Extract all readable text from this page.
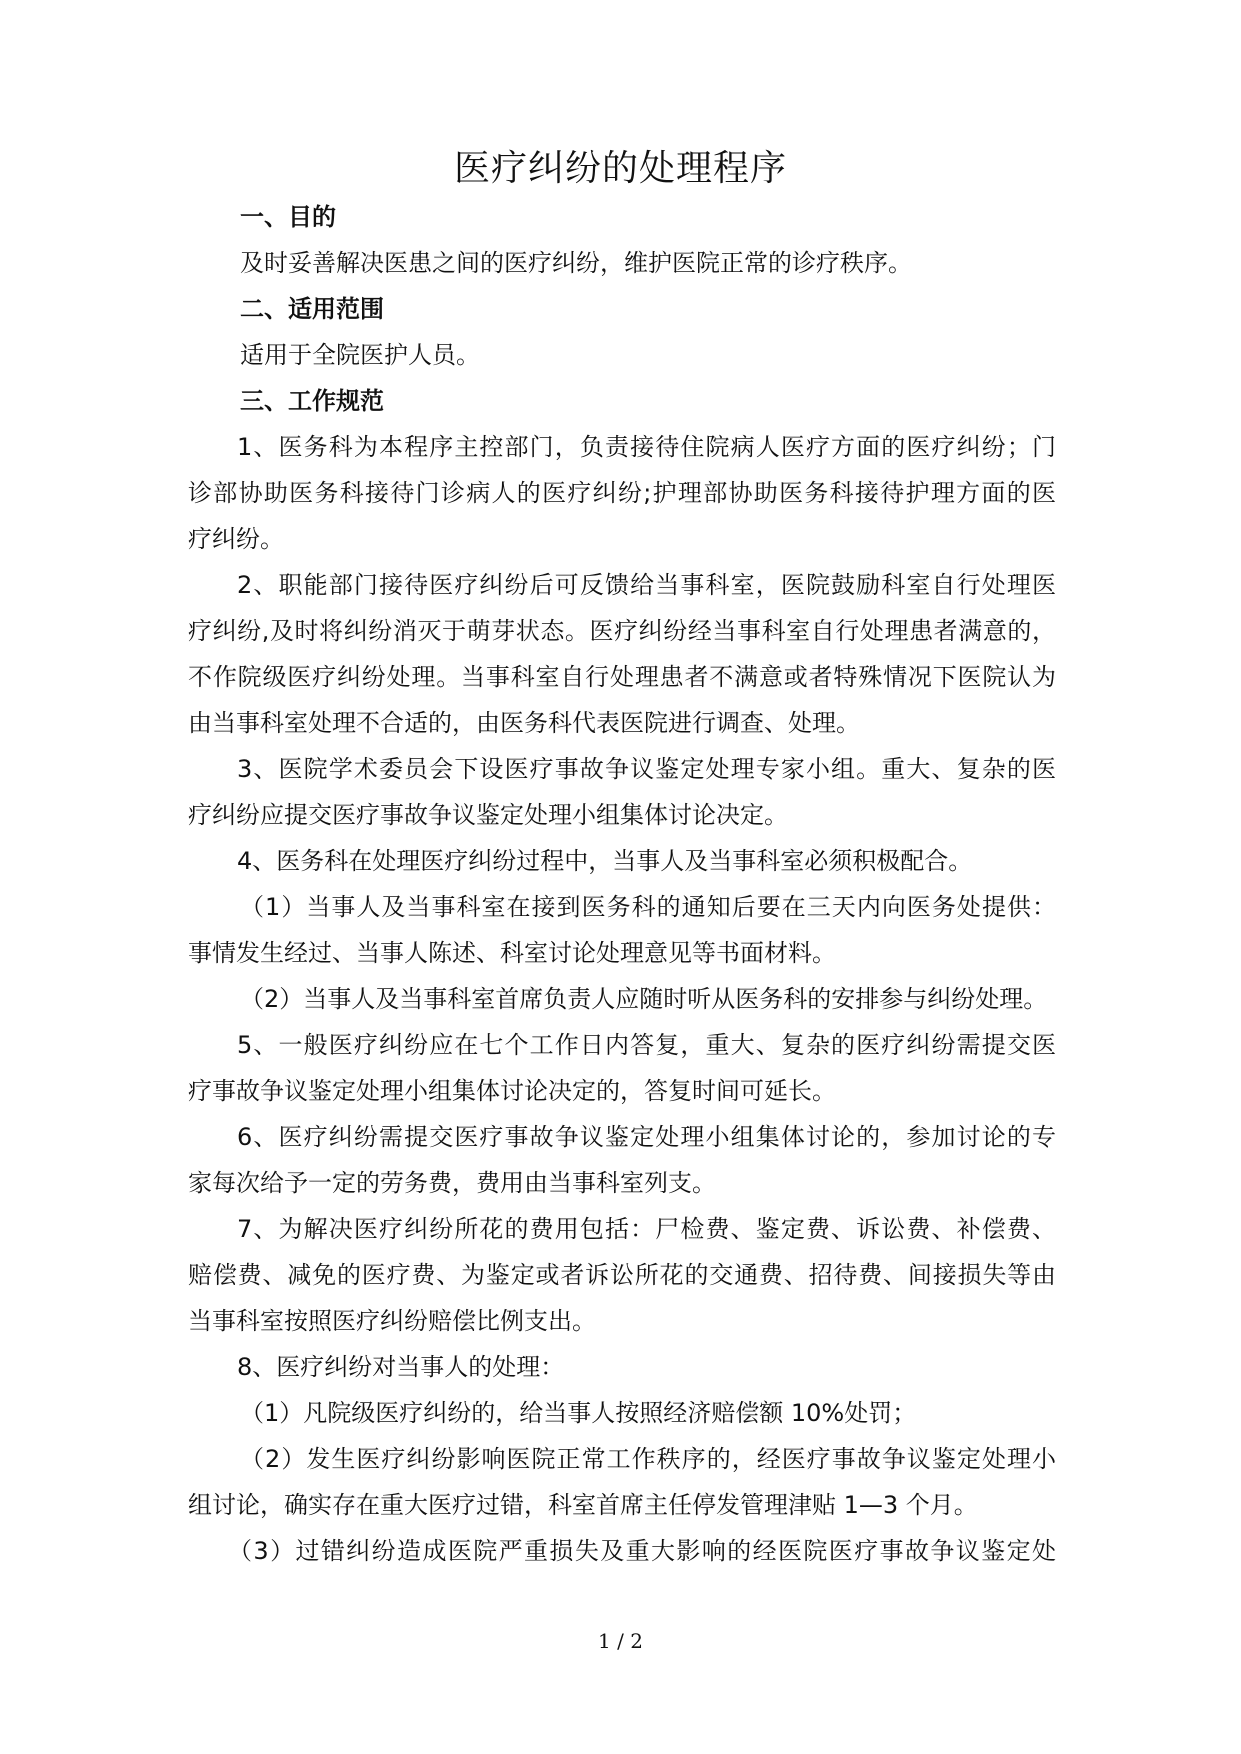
医疗纠纷的处理程序
一、目的
及时妥善解决医患之间的医疗纠纷，维护医院正常的诊疗秩序。
二、适用范围
适用于全院医护人员。
三、工作规范
1、医务科为本程序主控部门，负责接待住院病人医疗方面的医疗纠纷；门
诊部协助医务科接待门诊病人的医疗纠纷;护理部协助医务科接待护理方面的医
疗纠纷。
2、职能部门接待医疗纠纷后可反馈给当事科室，医院鼓励科室自行处理医
疗纠纷,及时将纠纷消灭于萌芽状态。医疗纠纷经当事科室自行处理患者满意的，
不作院级医疗纠纷处理。当事科室自行处理患者不满意或者特殊情况下医院认为
由当事科室处理不合适的，由医务科代表医院进行调查、处理。
3、医院学术委员会下设医疗事故争议鉴定处理专家小组。重大、复杂的医
疗纠纷应提交医疗事故争议鉴定处理小组集体讨论决定。
4、医务科在处理医疗纠纷过程中，当事人及当事科室必须积极配合。
（1）当事人及当事科室在接到医务科的通知后要在三天内向医务处提供：
事情发生经过、当事人陈述、科室讨论处理意见等书面材料。
（2）当事人及当事科室首席负责人应随时听从医务科的安排参与纠纷处理。
5、一般医疗纠纷应在七个工作日内答复，重大、复杂的医疗纠纷需提交医
疗事故争议鉴定处理小组集体讨论决定的，答复时间可延长。
6、医疗纠纷需提交医疗事故争议鉴定处理小组集体讨论的，参加讨论的专
家每次给予一定的劳务费，费用由当事科室列支。
7、为解决医疗纠纷所花的费用包括：尸检费、鉴定费、诉讼费、补偿费、
赔偿费、减免的医疗费、为鉴定或者诉讼所花的交通费、招待费、间接损失等由
当事科室按照医疗纠纷赔偿比例支出。
8、医疗纠纷对当事人的处理：
（1）凡院级医疗纠纷的，给当事人按照经济赔偿额 10%处罚；
（2）发生医疗纠纷影响医院正常工作秩序的，经医疗事故争议鉴定处理小
组讨论，确实存在重大医疗过错，科室首席主任停发管理津贴 1—3 个月。
（3）过错纠纷造成医院严重损失及重大影响的经医院医疗事故争议鉴定处
1 / 2
